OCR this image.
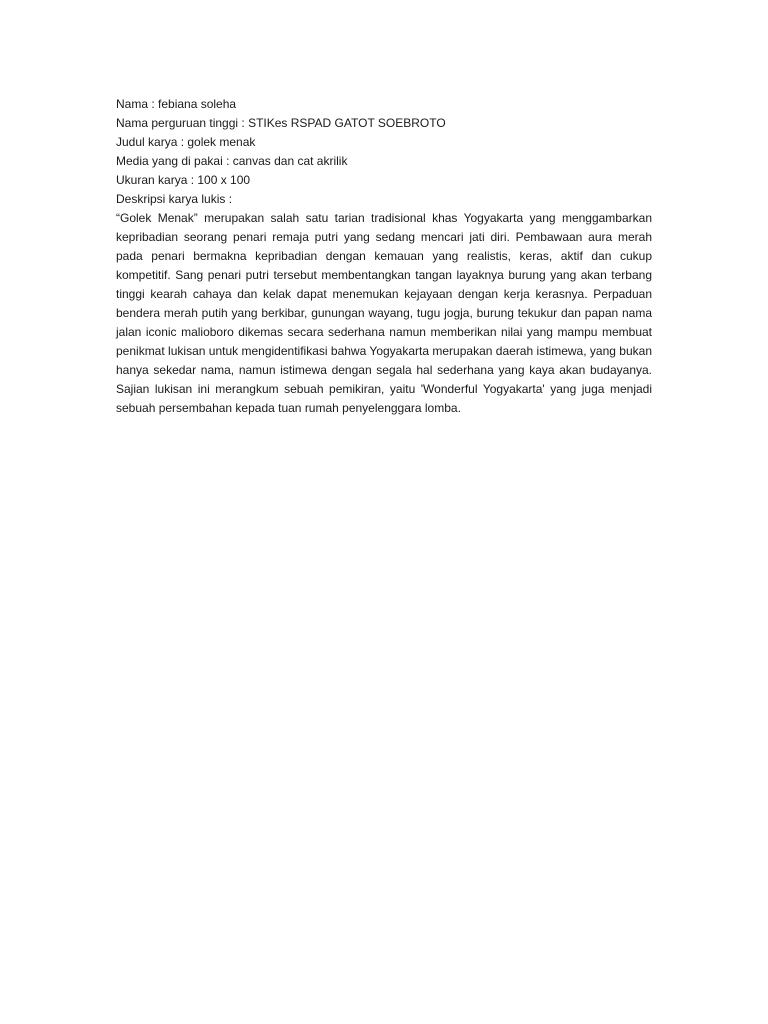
Nama : febiana soleha

Nama perguruan tinggi : STIKes RSPAD GATOT SOEBROTO

Judul karya : golek menak

Media yang di pakai : canvas dan cat akrilik

Ukuran karya : 100 x 100

Deskripsi karya lukis :

“Golek Menak” merupakan salah satu tarian tradisional khas Yogyakarta yang menggambarkan kepribadian seorang penari remaja putri yang sedang mencari jati diri. Pembawaan aura merah pada penari bermakna kepribadian dengan kemauan yang realistis, keras, aktif dan cukup kompetitif. Sang penari putri tersebut membentangkan tangan layaknya burung yang akan terbang tinggi kearah cahaya dan kelak dapat menemukan kejayaan dengan kerja kerasnya. Perpaduan bendera merah putih yang berkibar, gunungan wayang, tugu jogja, burung tekukur dan papan nama jalan iconic malioboro dikemas secara sederhana namun memberikan nilai yang mampu membuat penikmat lukisan untuk mengidentifikasi bahwa Yogyakarta merupakan daerah istimewa, yang bukan hanya sekedar nama, namun istimewa dengan segala hal sederhana yang kaya akan budayanya. Sajian lukisan ini merangkum sebuah pemikiran, yaitu 'Wonderful Yogyakarta' yang juga menjadi sebuah persembahan kepada tuan rumah penyelenggara lomba.
